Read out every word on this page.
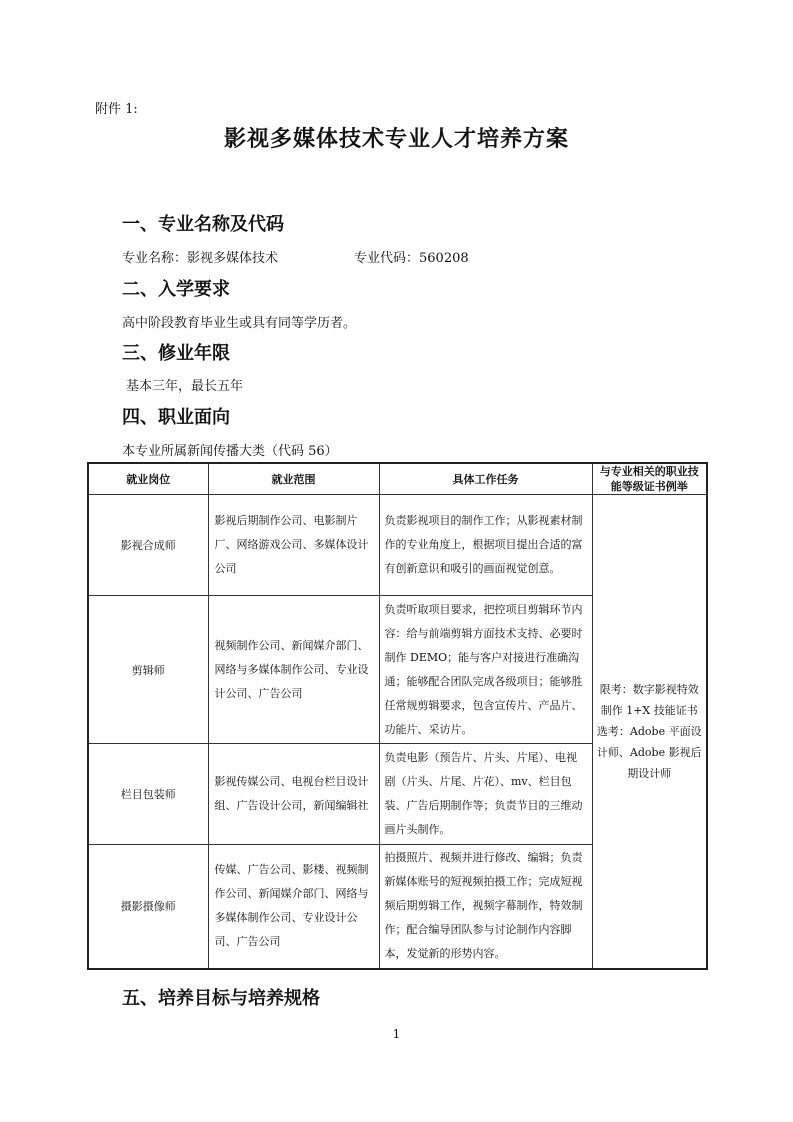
附件 1:
影视多媒体技术专业人才培养方案
一、专业名称及代码
专业名称：影视多媒体技术	专业代码：560208
二、入学要求
高中阶段教育毕业生或具有同等学历者。
三、修业年限
基本三年，最长五年
四、职业面向
本专业所属新闻传播大类（代码 56）
就业岗位	就业范围	具体工作任务	与专业相关的职业技能等级证书例举
影视合成师	影视后期制作公司、电影制片厂、网络游戏公司、多媒体设计公司	负责影视项目的制作工作；从影视素材制作的专业角度上，根据项目提出合适的富有创新意识和吸引的画面视觉创意。	限考：数字影视特效制作 1+X 技能证书
选考：Adobe 平面设计师、Adobe 影视后期设计师
剪辑师	视频制作公司、新闻媒介部门、网络与多媒体制作公司、专业设计公司、广告公司	负责听取项目要求，把控项目剪辑环节内容：给与前端剪辑方面技术支持、必要时制作 DEMO；能与客户对接进行准确沟通；能够配合团队完成各级项目；能够胜任常规剪辑要求，包含宣传片、产品片、功能片、采访片。	
栏目包装师	影视传媒公司、电视台栏目设计组、广告设计公司，新闻编辑社	负责电影（预告片、片头、片尾）、电视剧（片头、片尾、片花）、mv、栏目包装、广告后期制作等；负责节目的三维动画片头制作。	
摄影摄像师	传媒、广告公司、影楼、视频制作公司、新闻媒介部门、网络与多媒体制作公司、专业设计公司、广告公司	拍摄照片、视频并进行修改、编辑；负责新媒体账号的短视频拍摄工作；完成短视频后期剪辑工作，视频字幕制作，特效制作；配合编导团队参与讨论制作内容脚本，发觉新的形势内容。	
五、培养目标与培养规格
1
